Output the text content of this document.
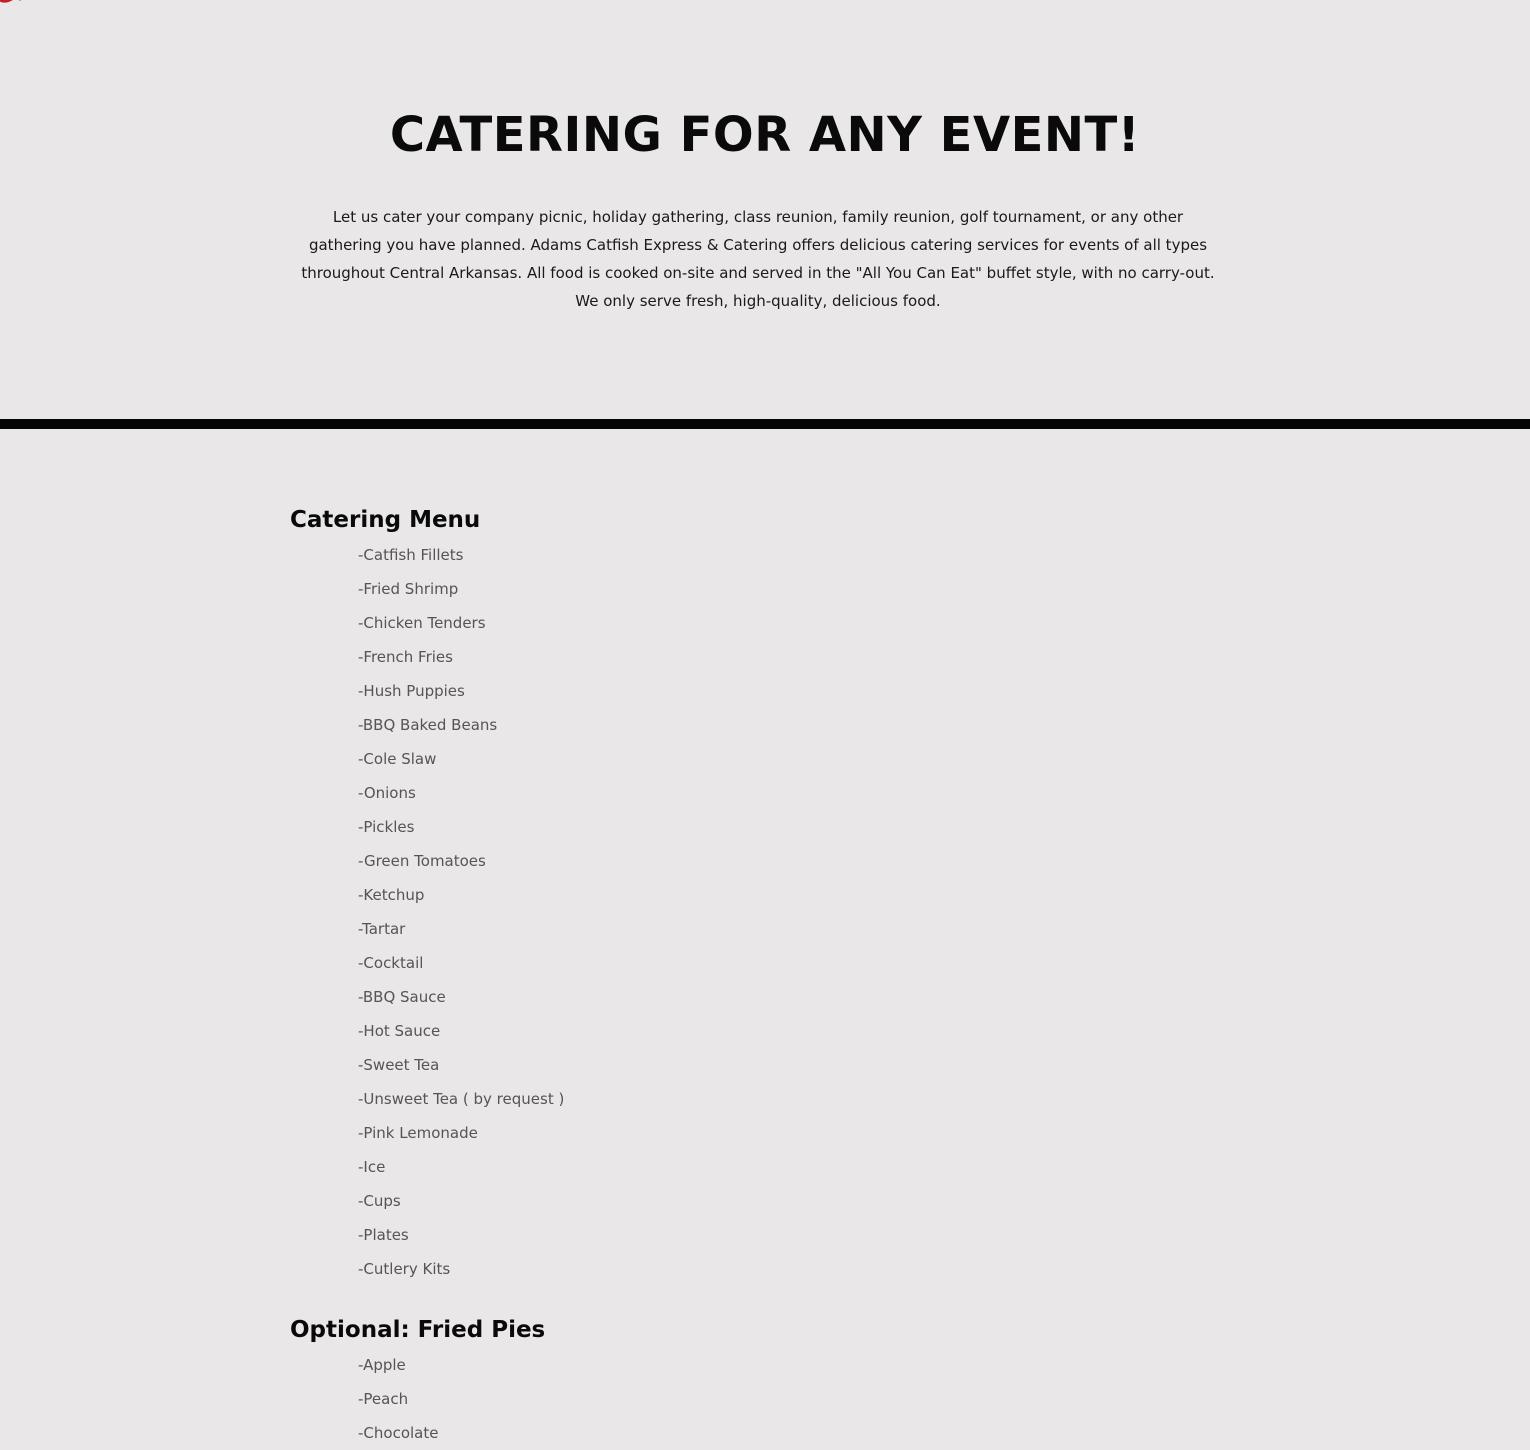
CATERING FOR ANY EVENT!

Let us cater your company picnic, holiday gathering, class reunion, family reunion, golf tournament, or any other gathering you have planned. Adams Catfish Express & Catering offers delicious catering services for events of all types throughout Central Arkansas. All food is cooked on-site and served in the "All You Can Eat" buffet style, with no carry-out. We only serve fresh, high-quality, delicious food.

Catering Menu
-Catfish Fillets
-Fried Shrimp
-Chicken Tenders
-French Fries
-Hush Puppies
-BBQ Baked Beans
-Cole Slaw
-Onions
-Pickles
-Green Tomatoes
-Ketchup
-Tartar
-Cocktail
-BBQ Sauce
-Hot Sauce
-Sweet Tea
-Unsweet Tea ( by request )
-Pink Lemonade
-Ice
-Cups
-Plates
-Cutlery Kits
Optional: Fried Pies
-Apple
-Peach
-Chocolate
